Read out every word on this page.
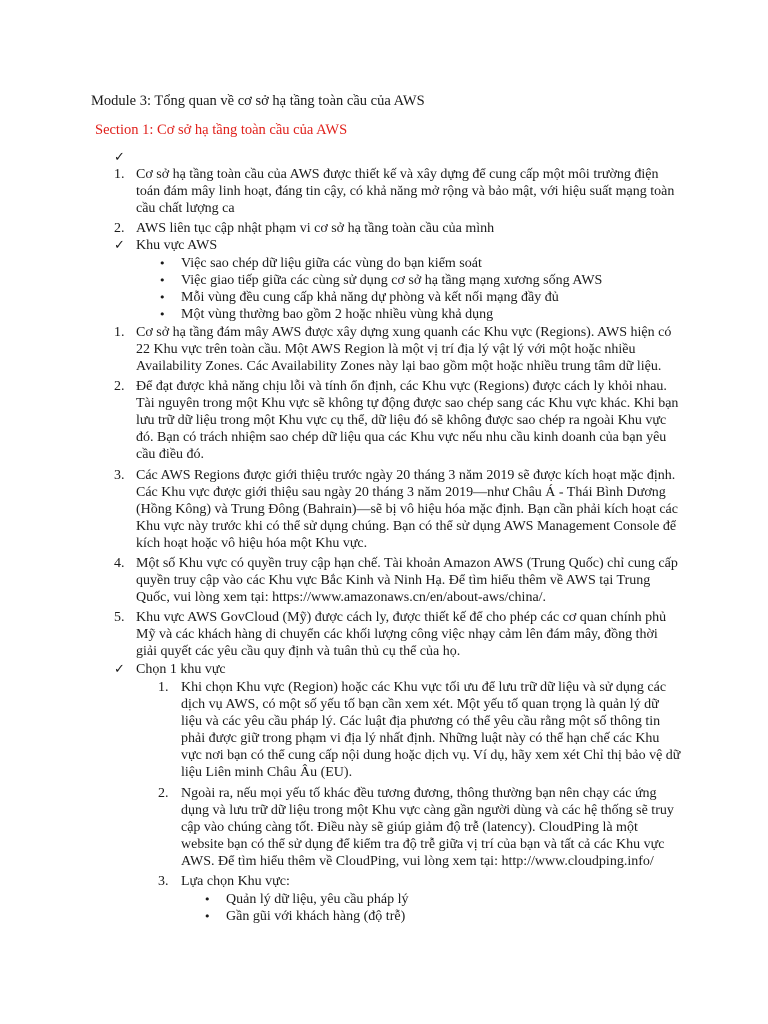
Module 3: Tổng quan về cơ sở hạ tầng toàn cầu của AWS
Section 1: Cơ sở hạ tầng toàn cầu của AWS
✓
1. Cơ sở hạ tầng toàn cầu của AWS được thiết kế và xây dựng để cung cấp một môi trường điện toán đám mây linh hoạt, đáng tin cậy, có khả năng mở rộng và bảo mật, với hiệu suất mạng toàn cầu chất lượng ca
2. AWS liên tục cập nhật phạm vi cơ sở hạ tầng toàn cầu của mình
✓ Khu vực AWS
• Việc sao chép dữ liệu giữa các vùng do bạn kiểm soát
• Việc giao tiếp giữa các cùng sử dụng cơ sở hạ tầng mạng xương sống AWS
• Mỗi vùng đều cung cấp khả năng dự phòng và kết nối mạng đầy đủ
• Một vùng thường bao gồm 2 hoặc nhiều vùng khả dụng
1. Cơ sở hạ tầng đám mây AWS được xây dựng xung quanh các Khu vực (Regions). AWS hiện có 22 Khu vực trên toàn cầu. Một AWS Region là một vị trí địa lý vật lý với một hoặc nhiều Availability Zones. Các Availability Zones này lại bao gồm một hoặc nhiều trung tâm dữ liệu.
2. Để đạt được khả năng chịu lỗi và tính ổn định, các Khu vực (Regions) được cách ly khỏi nhau. Tài nguyên trong một Khu vực sẽ không tự động được sao chép sang các Khu vực khác. Khi bạn lưu trữ dữ liệu trong một Khu vực cụ thể, dữ liệu đó sẽ không được sao chép ra ngoài Khu vực đó. Bạn có trách nhiệm sao chép dữ liệu qua các Khu vực nếu nhu cầu kinh doanh của bạn yêu cầu điều đó.
3. Các AWS Regions được giới thiệu trước ngày 20 tháng 3 năm 2019 sẽ được kích hoạt mặc định. Các Khu vực được giới thiệu sau ngày 20 tháng 3 năm 2019—như Châu Á - Thái Bình Dương (Hồng Kông) và Trung Đông (Bahrain)—sẽ bị vô hiệu hóa mặc định. Bạn cần phải kích hoạt các Khu vực này trước khi có thể sử dụng chúng. Bạn có thể sử dụng AWS Management Console để kích hoạt hoặc vô hiệu hóa một Khu vực.
4. Một số Khu vực có quyền truy cập hạn chế. Tài khoản Amazon AWS (Trung Quốc) chỉ cung cấp quyền truy cập vào các Khu vực Bắc Kinh và Ninh Hạ. Để tìm hiểu thêm về AWS tại Trung Quốc, vui lòng xem tại: https://www.amazonaws.cn/en/about-aws/china/.
5. Khu vực AWS GovCloud (Mỹ) được cách ly, được thiết kế để cho phép các cơ quan chính phủ Mỹ và các khách hàng di chuyển các khối lượng công việc nhạy cảm lên đám mây, đồng thời giải quyết các yêu cầu quy định và tuân thủ cụ thể của họ.
✓ Chọn 1 khu vực
1. Khi chọn Khu vực (Region) hoặc các Khu vực tối ưu để lưu trữ dữ liệu và sử dụng các dịch vụ AWS, có một số yếu tố bạn cần xem xét. Một yếu tố quan trọng là quản lý dữ liệu và các yêu cầu pháp lý. Các luật địa phương có thể yêu cầu rằng một số thông tin phải được giữ trong phạm vi địa lý nhất định. Những luật này có thể hạn chế các Khu vực nơi bạn có thể cung cấp nội dung hoặc dịch vụ. Ví dụ, hãy xem xét Chỉ thị bảo vệ dữ liệu Liên minh Châu Âu (EU).
2. Ngoài ra, nếu mọi yếu tố khác đều tương đương, thông thường bạn nên chạy các ứng dụng và lưu trữ dữ liệu trong một Khu vực càng gần người dùng và các hệ thống sẽ truy cập vào chúng càng tốt. Điều này sẽ giúp giảm độ trễ (latency). CloudPing là một website bạn có thể sử dụng để kiểm tra độ trễ giữa vị trí của bạn và tất cả các Khu vực AWS. Để tìm hiểu thêm về CloudPing, vui lòng xem tại: http://www.cloudping.info/
3. Lựa chọn Khu vực:
• Quản lý dữ liệu, yêu cầu pháp lý
• Gần gũi với khách hàng (độ trễ)
